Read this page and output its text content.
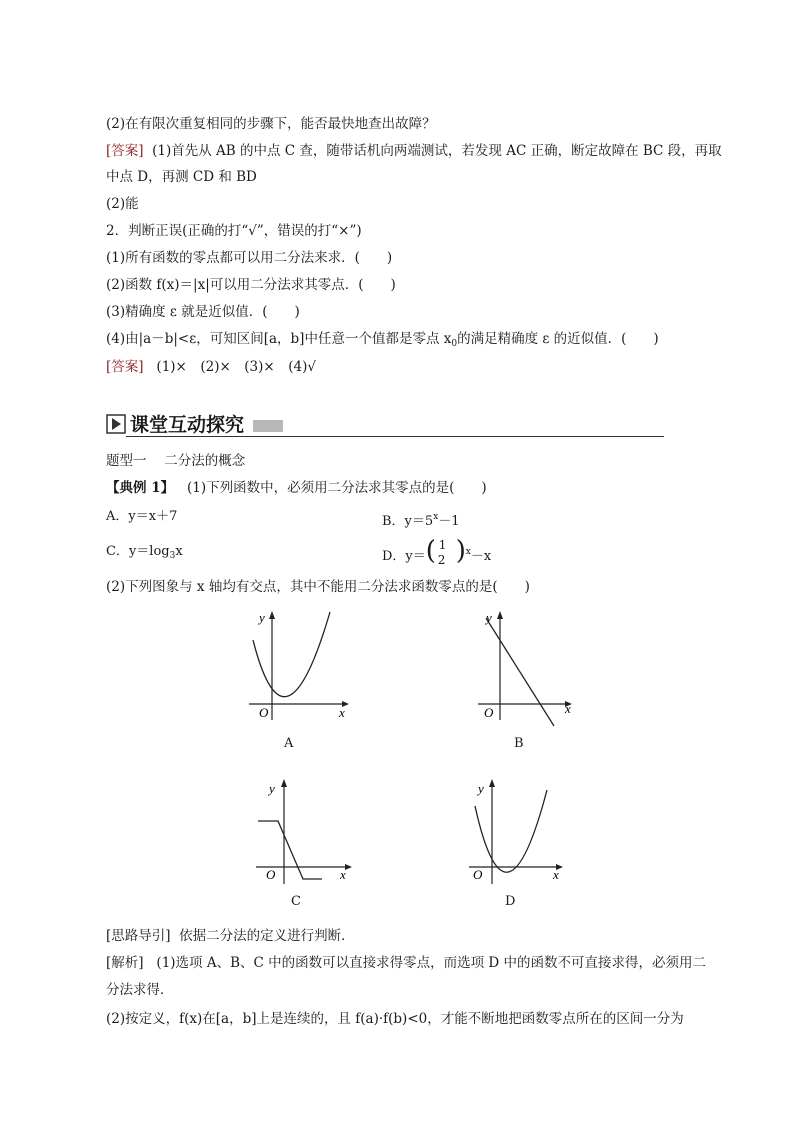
(2)在有限次重复相同的步骤下，能否最快地查出故障？
[答案] (1)首先从 AB 的中点 C 查，随带话机向两端测试，若发现 AC 正确，断定故障在 BC 段，再取
中点 D，再测 CD 和 BD
(2)能
2．判断正误(正确的打“√”，错误的打“×”)
(1)所有函数的零点都可以用二分法来求．(　　)
(2)函数 f(x)＝|x|可以用二分法求其零点．(　　)
(3)精确度 ε 就是近似值．(　　)
(4)由|a－b|<ε，可知区间[a，b]中任意一个值都是零点 $x_0$的满足精确度 ε 的近似值．(　　)
[答案] (1)×　(2)×　(3)×　(4)√
课堂互动探究
题型一　 二分法的概念
【典例 1】 (1)下列函数中，必须用二分法求其零点的是(　　)
A．y＝x＋7	B．$y=5^x-1$
C．$y=\log_3x$	D．y＝ ( 1
2 ) $^x$－x
(2)下列图象与 x 轴均有交点，其中不能用二分法求函数零点的是(　　)
O	x
y
A
O	x
y
B
O	x
y
C
O	x
y
D
[思路导引] 依据二分法的定义进行判断．
[解析] (1)选项 A、B、C 中的函数可以直接求得零点，而选项 D 中的函数不可直接求得，必须用二
分法求得．
(2)按定义，f(x)在[a，b]上是连续的，且 f(a)·f(b)<0，才能不断地把函数零点所在的区间一分为
